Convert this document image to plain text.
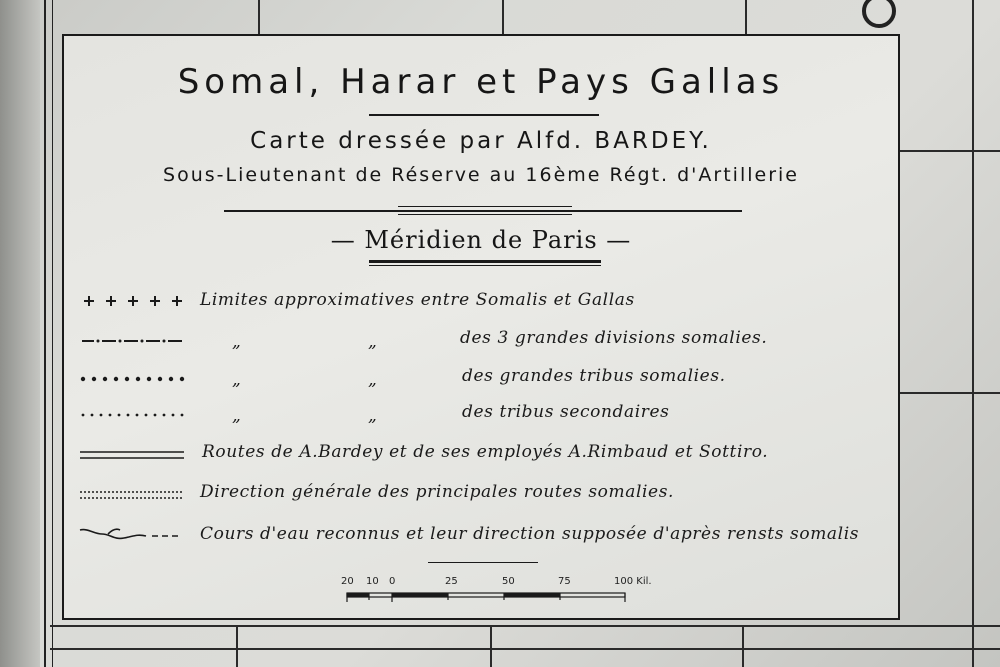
Somal, Harar et Pays Gallas
Carte dressée par Alfd. BARDEY.
Sous-Lieutenant de Réserve au 16ème Régt. d'Artillerie
— Méridien de Paris —
Limites approximatives entre Somalis et Gallas
„	„	des 3 grandes divisions somalies.
„	„	des grandes tribus somalies.
„	„	des tribus secondaires
Routes de A.Bardey et de ses employés A.Rimbaud et Sottiro.
Direction générale des principales routes somalies.
Cours d'eau reconnus et leur direction supposée d'après rensts somalis
20 10 0	25	50	75	100 Kil.
